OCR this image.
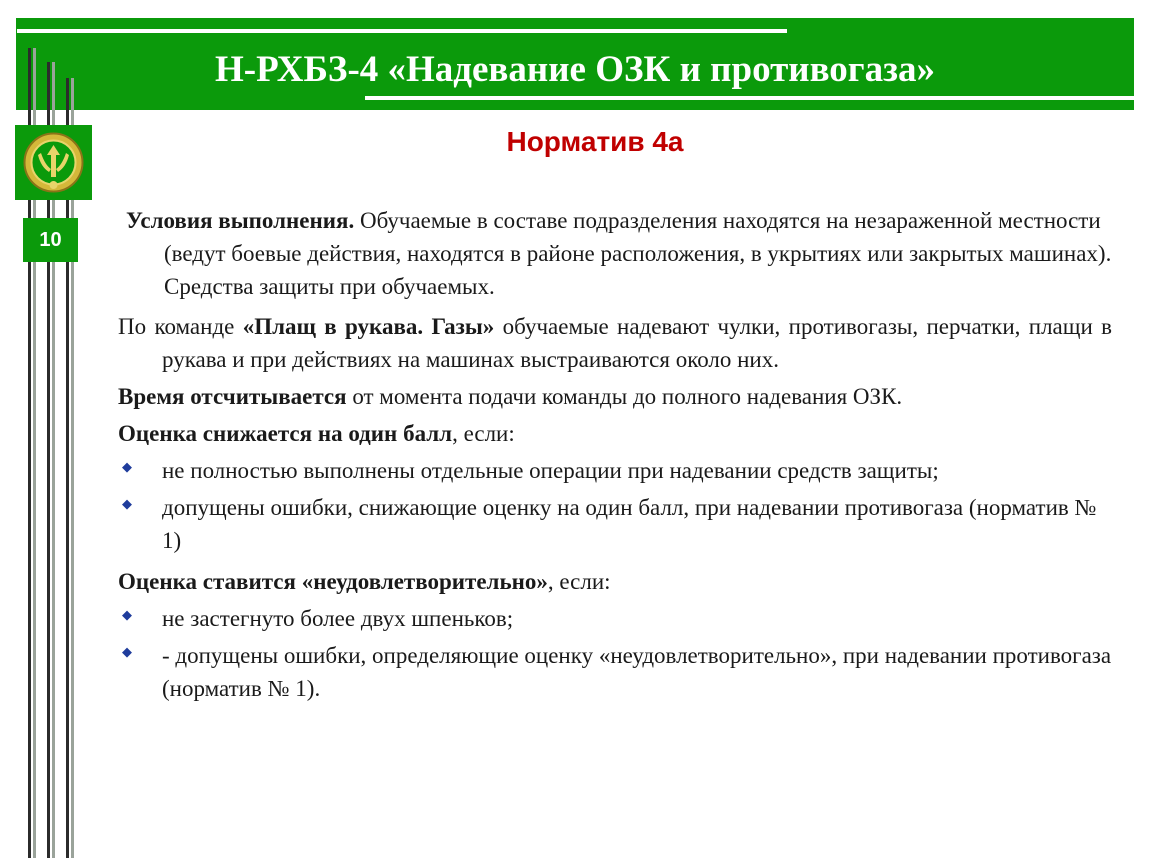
Н-РХБЗ-4 «Надевание ОЗК и противогаза»
10
Норматив 4а

Условия выполнения. Обучаемые в составе подразделения находятся на незараженной местности (ведут боевые действия, находятся в районе расположения, в укрытиях или закрытых машинах). Средства защиты при обучаемых.

По команде «Плащ в рукава. Газы» обучаемые надевают чулки, противогазы, перчатки, плащи в рукава и при действиях на машинах выстраиваются около них.

Время отсчитывается от момента подачи команды до полного надевания ОЗК.

Оценка снижается на один балл, если:

◆ не полностью выполнены отдельные операции при надевании средств защиты;

◆ допущены ошибки, снижающие оценку на один балл, при надевании противогаза (норматив № 1)

Оценка ставится «неудовлетворительно», если:

◆ не застегнуто более двух шпеньков;

◆ - допущены ошибки, определяющие оценку «неудовлетворительно», при надевании противогаза (норматив № 1).
